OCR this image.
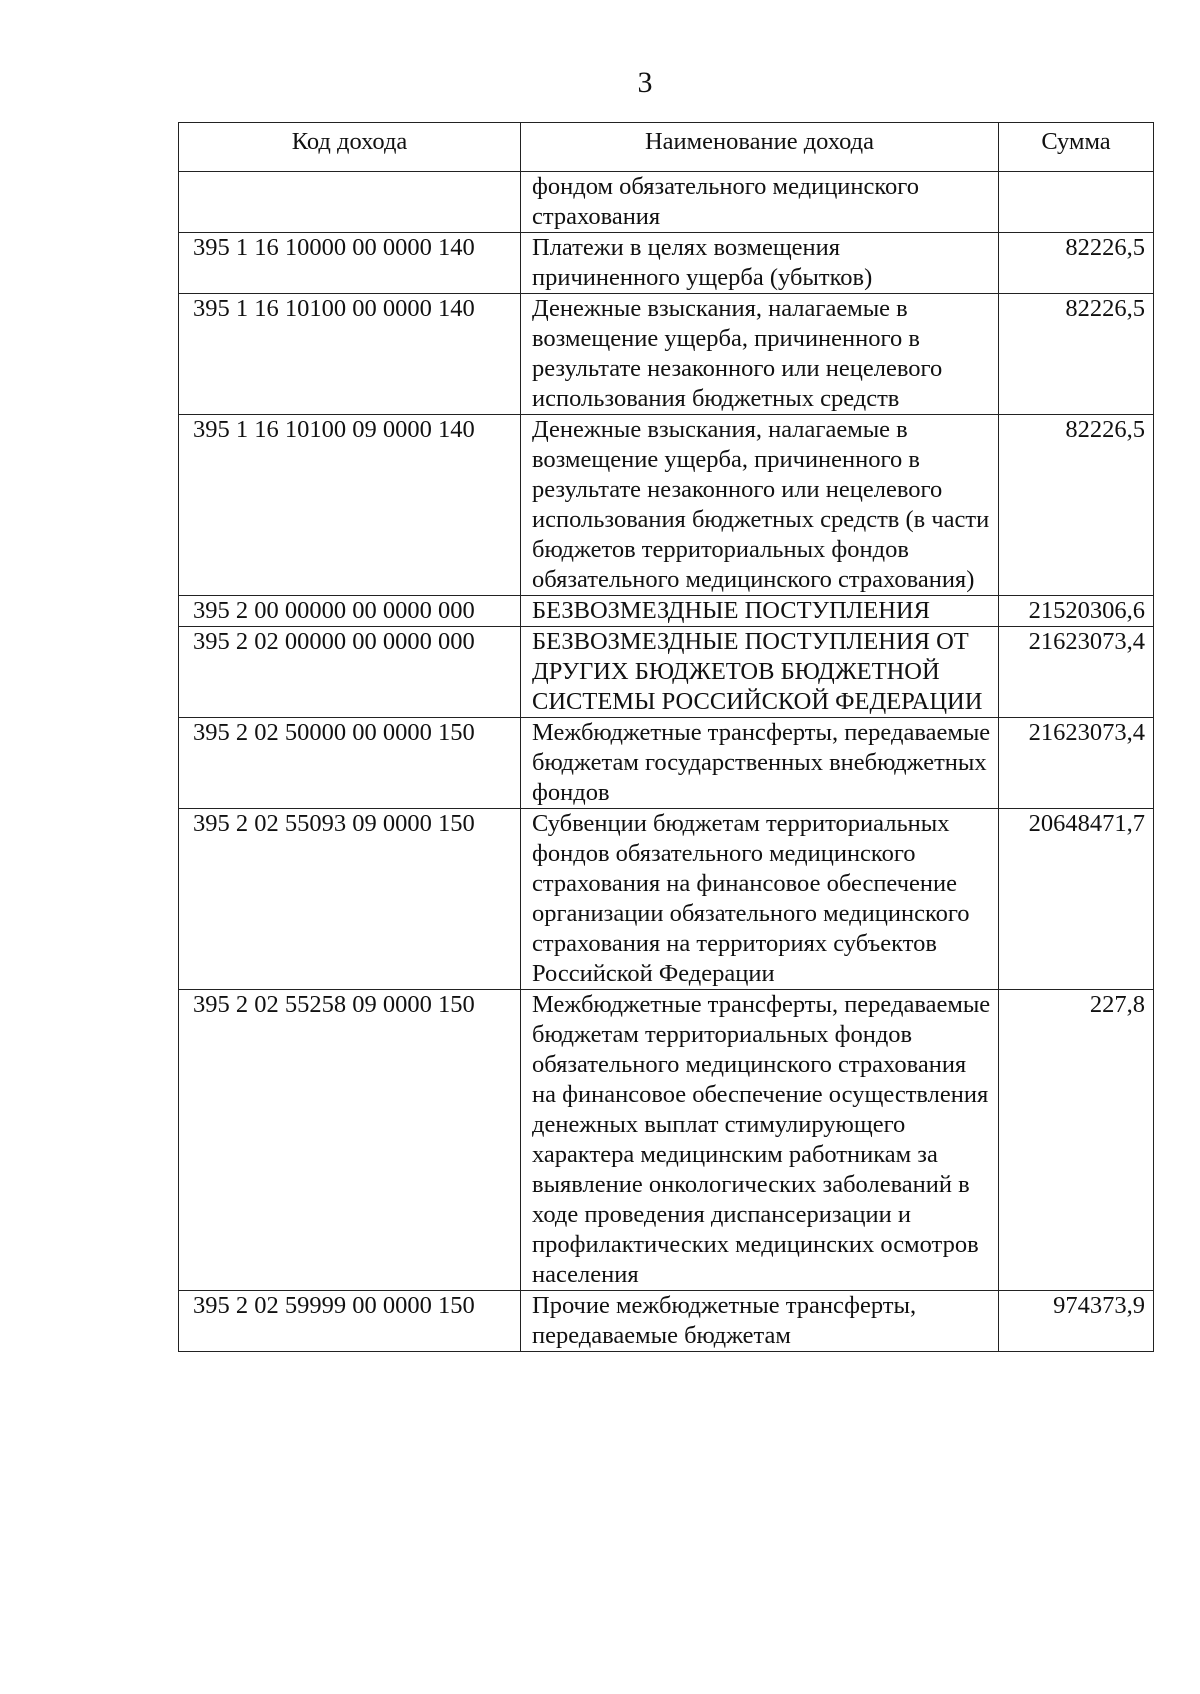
3
Код дохода	Наименование дохода	Сумма
	фондом обязательного медицинского страхования	
395 1 16 10000 00 0000 140	Платежи в целях возмещения причиненного ущерба (убытков)	82226,5
395 1 16 10100 00 0000 140	Денежные взыскания, налагаемые в возмещение ущерба, причиненного в результате незаконного или нецелевого использования бюджетных средств	82226,5
395 1 16 10100 09 0000 140	Денежные взыскания, налагаемые в возмещение ущерба, причиненного в результате незаконного или нецелевого использования бюджетных средств (в части бюджетов территориальных фондов обязательного медицинского страхования)	82226,5
395 2 00 00000 00 0000 000	БЕЗВОЗМЕЗДНЫЕ ПОСТУПЛЕНИЯ	21520306,6
395 2 02 00000 00 0000 000	БЕЗВОЗМЕЗДНЫЕ ПОСТУПЛЕНИЯ ОТ ДРУГИХ БЮДЖЕТОВ БЮДЖЕТНОЙ СИСТЕМЫ РОССИЙСКОЙ ФЕДЕРАЦИИ	21623073,4
395 2 02 50000 00 0000 150	Межбюджетные трансферты, передаваемые бюджетам государственных внебюджетных фондов	21623073,4
395 2 02 55093 09 0000 150	Субвенции бюджетам территориальных фондов обязательного медицинского страхования на финансовое обеспечение организации обязательного медицинского страхования на территориях субъектов Российской Федерации	20648471,7
395 2 02 55258 09 0000 150	Межбюджетные трансферты, передаваемые бюджетам территориальных фондов обязательного медицинского страхования на финансовое обеспечение осуществления денежных выплат стимулирующего характера медицинским работникам за выявление онкологических заболеваний в ходе проведения диспансеризации и профилактических медицинских осмотров населения	227,8
395 2 02 59999 00 0000 150	Прочие межбюджетные трансферты, передаваемые бюджетам	974373,9
